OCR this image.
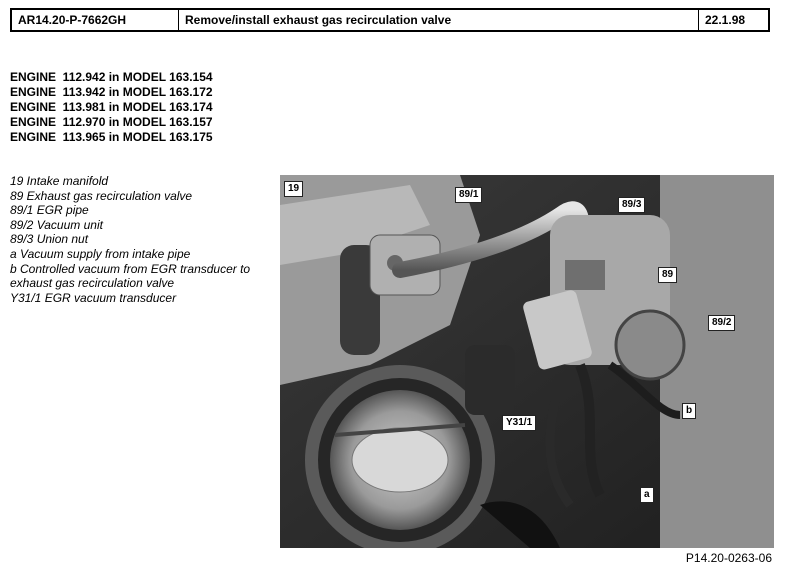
AR14.20-P-7662GH	Remove/install exhaust gas recirculation valve	22.1.98
ENGINE  112.942 in MODEL 163.154
ENGINE  113.942 in MODEL 163.172
ENGINE  113.981 in MODEL 163.174
ENGINE  112.970 in MODEL 163.157
ENGINE  113.965 in MODEL 163.175
19 Intake manifold
89 Exhaust gas recirculation valve
89/1 EGR pipe
89/2 Vacuum unit
89/3 Union nut
a Vacuum supply from intake pipe
b Controlled vacuum from EGR transducer to exhaust gas recirculation valve
Y31/1 EGR vacuum transducer
19
89/1
89/3
89
89/2
b
Y31/1
a
P14.20-0263-06
